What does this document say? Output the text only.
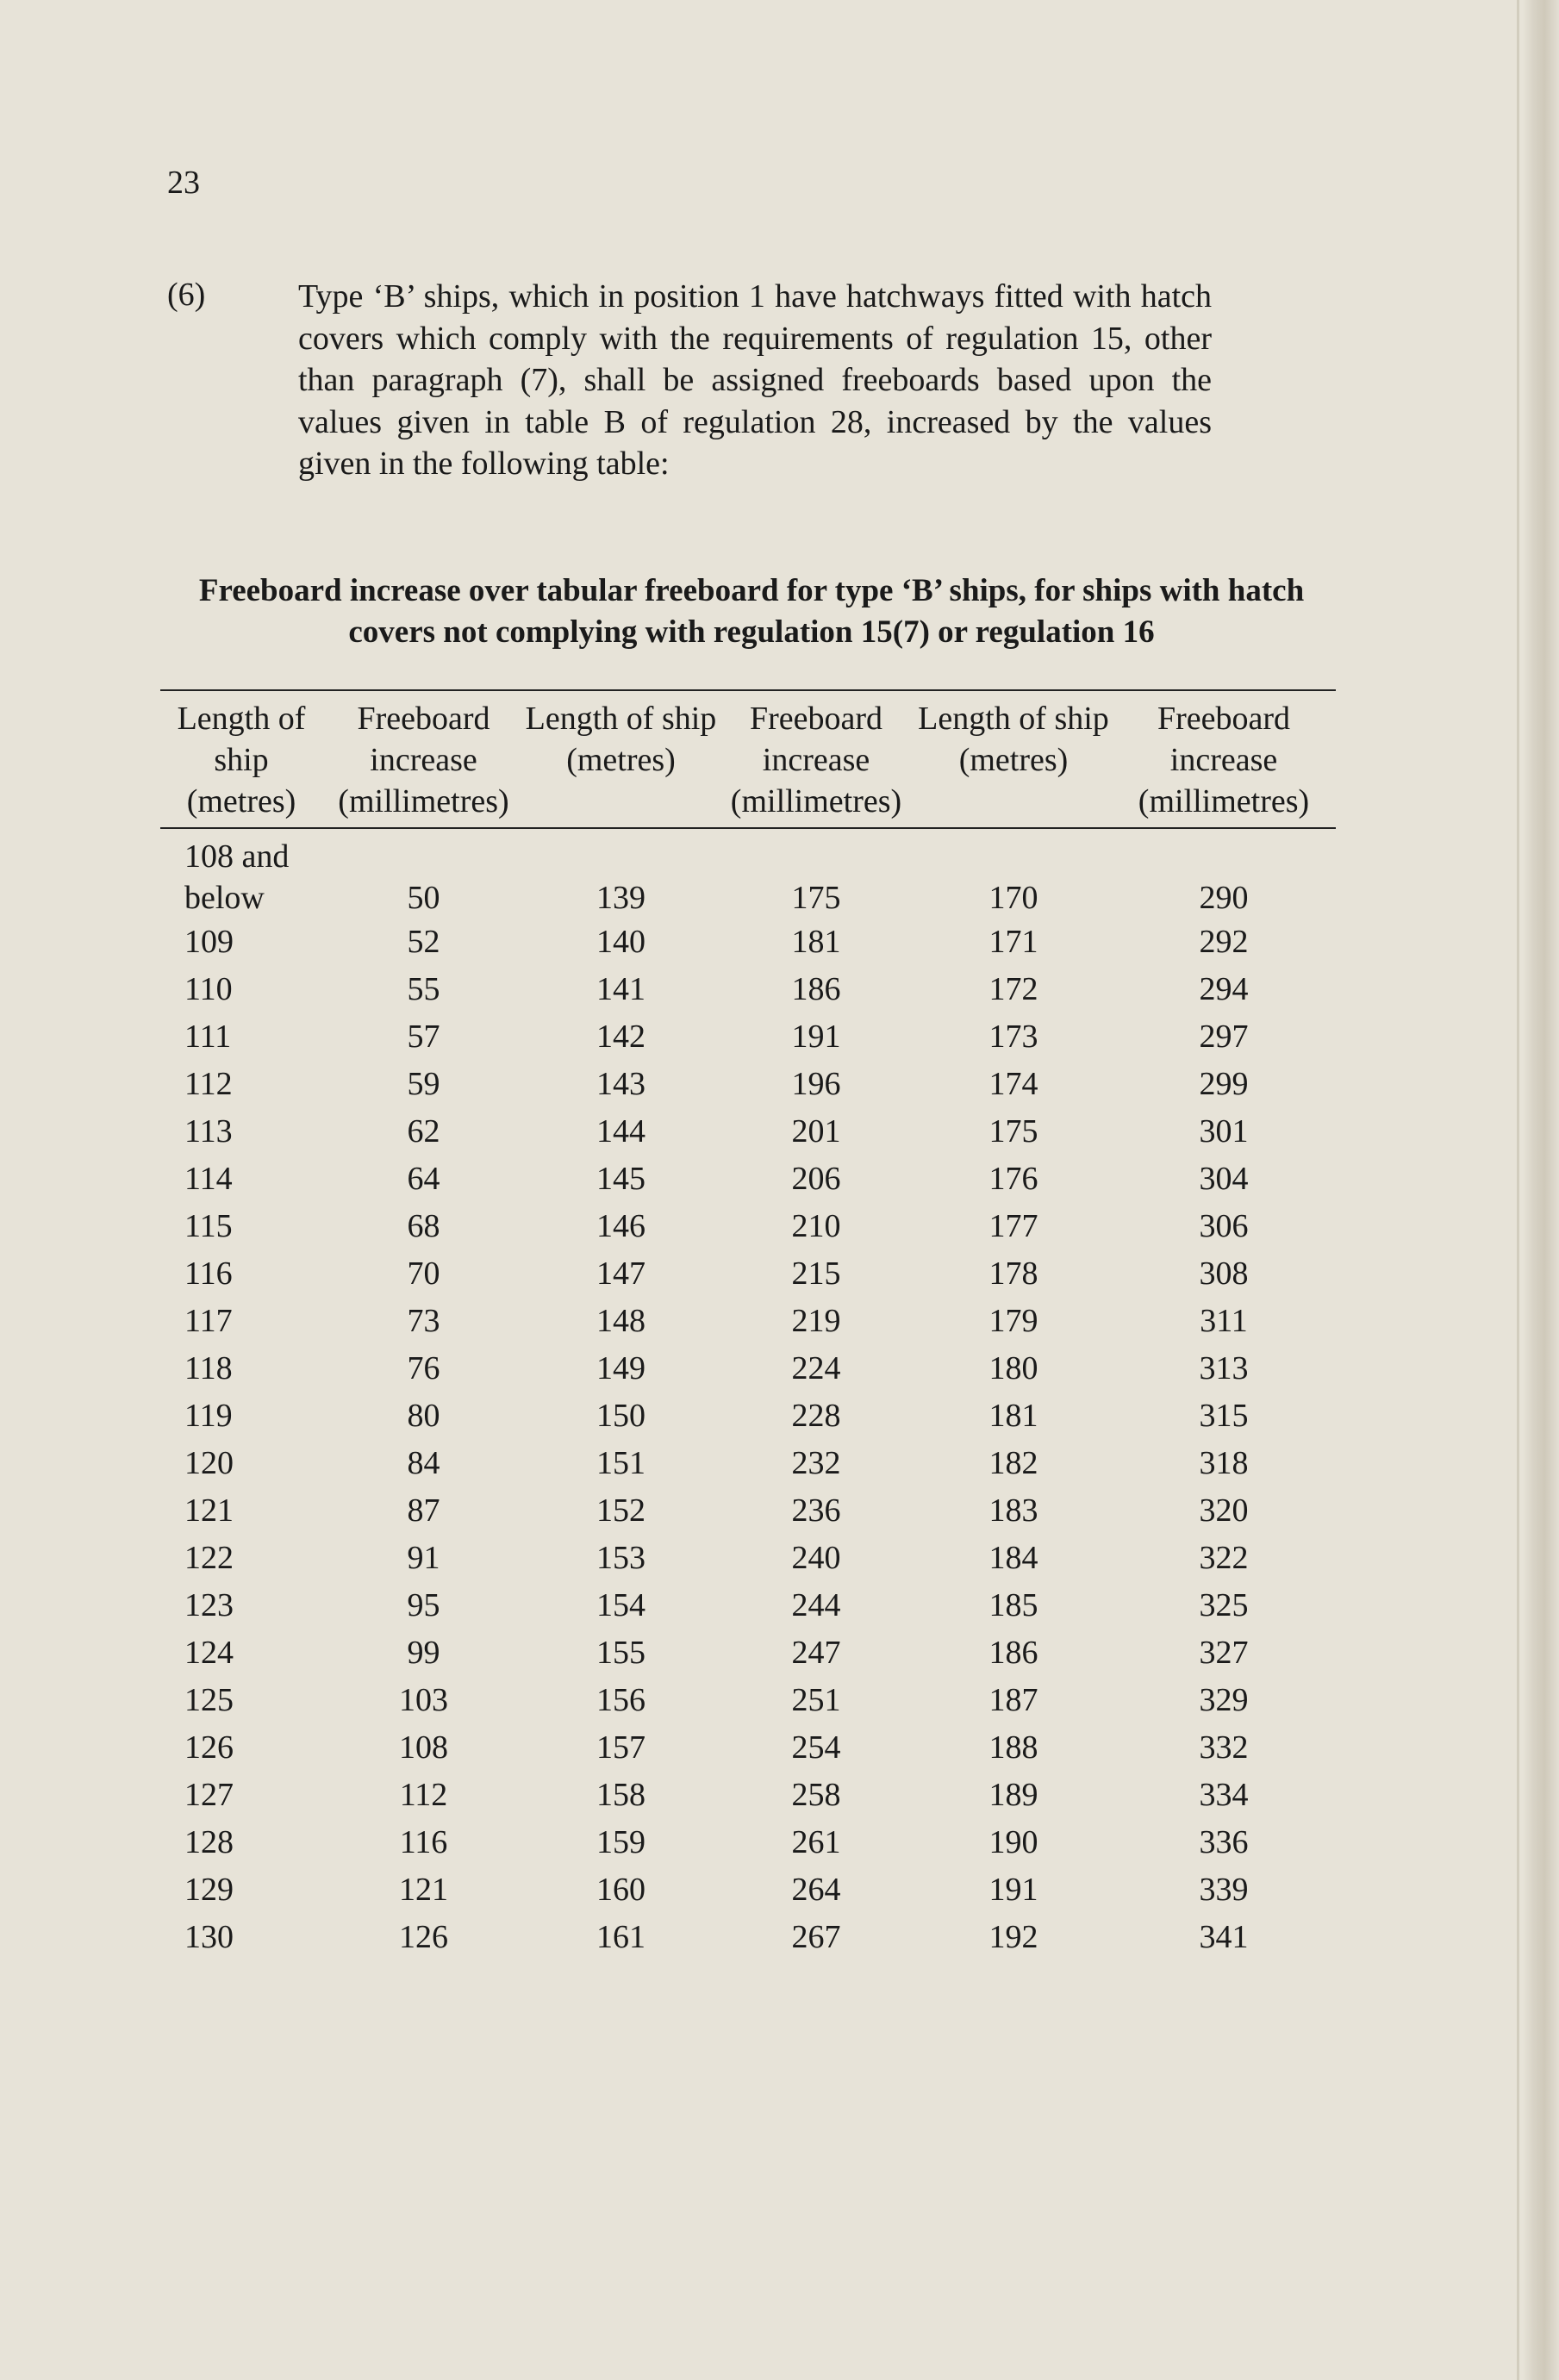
23
(6)	Type ‘B’ ships, which in position 1 have hatchways fitted with hatch covers which comply with the requirements of regulation 15, other than paragraph (7), shall be assigned freeboards based upon the values given in table B of regulation 28, increased by the values given in the following table:
Freeboard increase over tabular freeboard for type ‘B’ ships, for ships with hatch covers not complying with regulation 15(7) or regulation 16
Length of ship (metres)	Freeboard increase (millimetres)	Length of ship (metres)	Freeboard increase (millimetres)	Length of ship (metres)	Freeboard increase (millimetres)
108 and below	50	139	175	170	290
109	52	140	181	171	292
110	55	141	186	172	294
111	57	142	191	173	297
112	59	143	196	174	299
113	62	144	201	175	301
114	64	145	206	176	304
115	68	146	210	177	306
116	70	147	215	178	308
117	73	148	219	179	311
118	76	149	224	180	313
119	80	150	228	181	315
120	84	151	232	182	318
121	87	152	236	183	320
122	91	153	240	184	322
123	95	154	244	185	325
124	99	155	247	186	327
125	103	156	251	187	329
126	108	157	254	188	332
127	112	158	258	189	334
128	116	159	261	190	336
129	121	160	264	191	339
130	126	161	267	192	341
